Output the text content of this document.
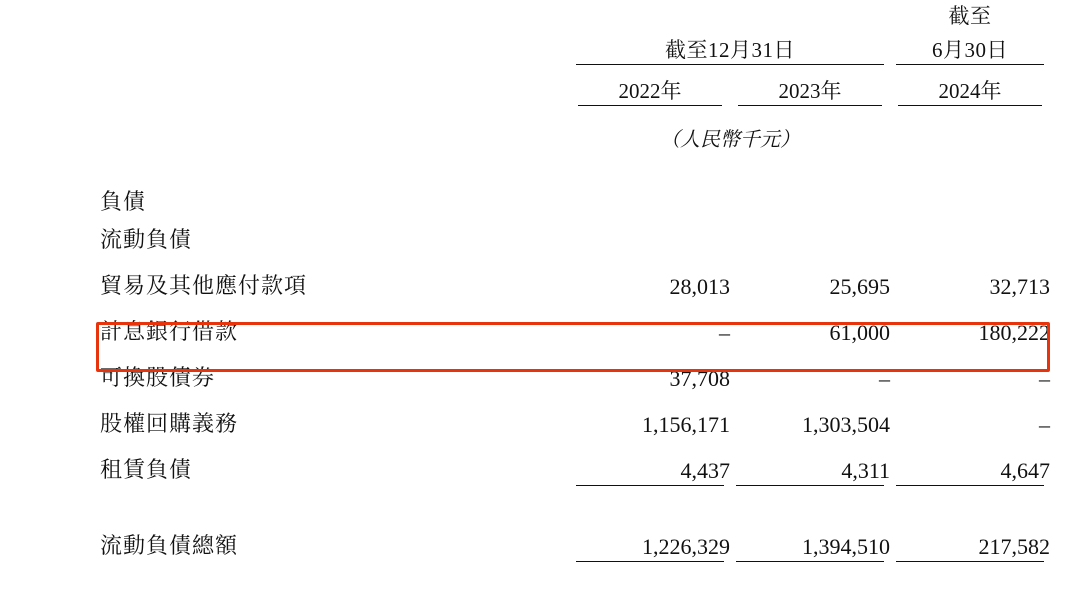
			截至
	截至12月31日		6月30日

	2022年	2023年	2024年

	（人民幣千元）		

負債			
流動負債			
貿易及其他應付款項	28,013	25,695	32,713
計息銀行借款	–	61,000	180,222
可換股債券	37,708	–	–
股權回購義務	1,156,171	1,303,504	–
租賃負債	4,437	4,311	4,647

流動負債總額	1,226,329	1,394,510	217,582
